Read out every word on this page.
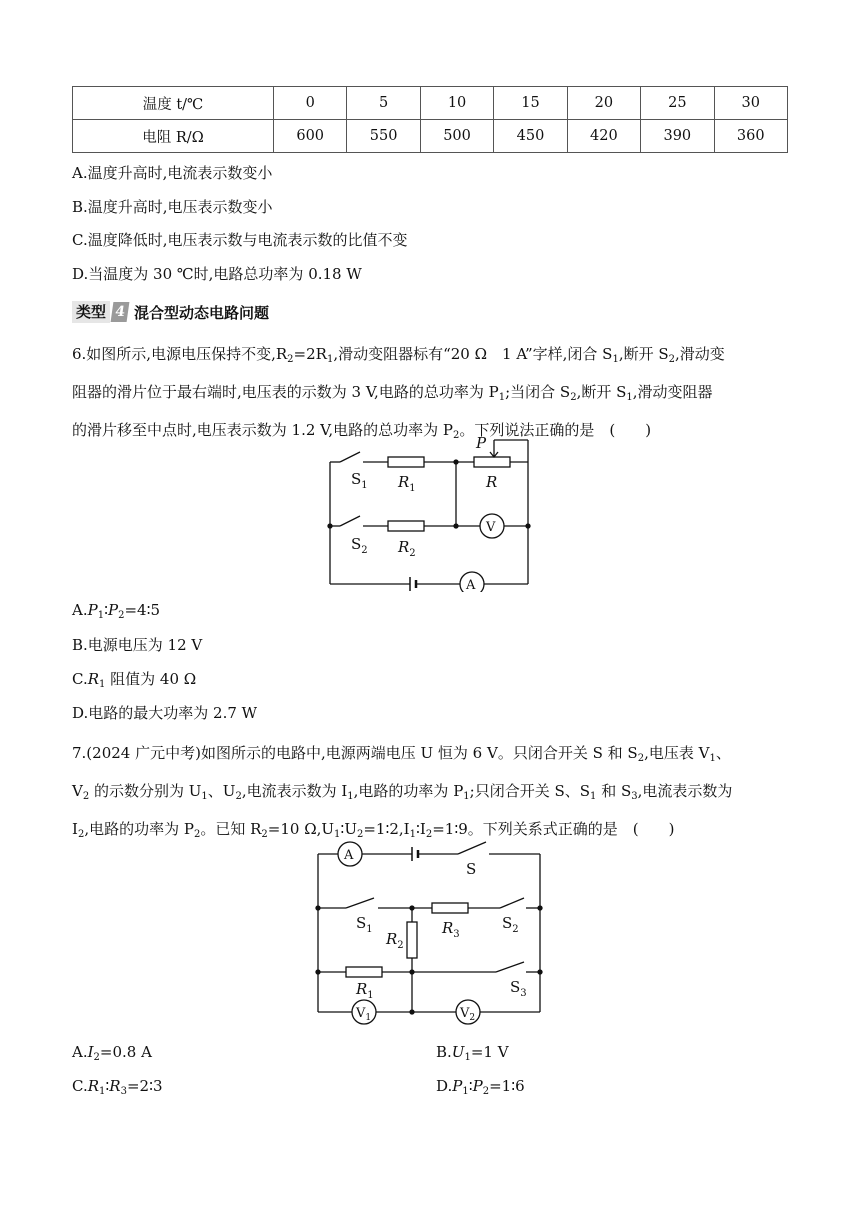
温度 t/℃	0	5	10	15	20	25	30
电阻 R/Ω	600	550	500	450	420	390	360
A.温度升高时,电流表示数变小
B.温度升高时,电压表示数变小
C.温度降低时,电压表示数与电流表示数的比值不变
D.当温度为 30 ℃时,电路总功率为 0.18 W
类型 4 混合型动态电路问题
6.如图所示,电源电压保持不变$,R_2=2R_1$,滑动变阻器标有“20 Ω　1 A”字样,闭合 $S_1$,断开 $S_2$,滑动变
阻器的滑片位于最右端时,电压表的示数为 3 V,电路的总功率为 $P_1$;当闭合 $S_2$,断开 $S_1$,滑动变阻器
的滑片移至中点时,电压表示数为 1.2 V,电路的总功率为 $P_2$。下列说法正确的是　(　　)
$S_1$ $R_1$
$S_2$ $R_2$
P
R
V
A
$A.P_1∶P_2=4∶5$
B.电源电压为 12 V
$C.R_1$ 阻值为 40 Ω
D.电路的最大功率为 2.7 W
7.(2024 广元中考)如图所示的电路中,电源两端电压 U 恒为 6 V。只闭合开关 S 和 $S_2$,电压表 $V_1$、
$V_2$ 的示数分别为 $U_1$、$U_2$,电流表示数为 $I_1$,电路的功率为 $P_1$;只闭合开关 S、$S_1$ 和 $S_3$,电流表示数为
$I_2$,电路的功率为 $P_2$。已知 $R_2=10$ $\Omega,U_1∶U_2=1∶2,I_1∶I_2=1∶9$。下列关系式正确的是　(　　)
A
S
$S_1$	$R_3$
$S_2$
$R_2$
$R_1$	$S_3$
$V_1$	$V_2$
$A.I_2=0.8$ A	$B.U_1=1$ V
$C.R_1∶R_3=2∶3$	$D.P_1∶P_2=1∶6$
